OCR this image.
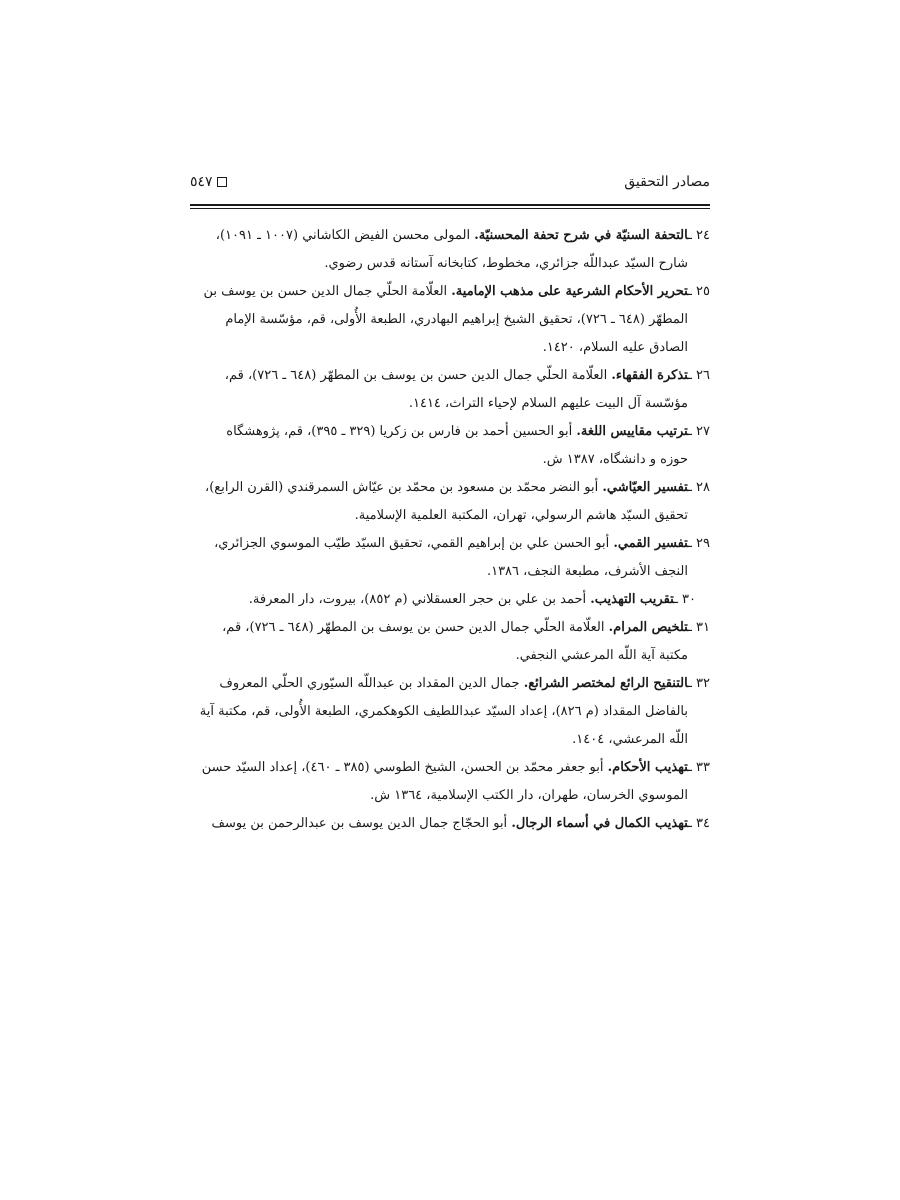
مصادر التحقيق
٥٤٧

٢٤ ـالتحفة السنيّة في شرح تحفة المحسنيّة. المولى محسن الفيض الكاشاني (١٠٠٧ ـ ١٠٩١)،
شارح السيّد عبداللّه جزائري، مخطوط، كتابخانه آستانه قدس رضوي.

٢٥ ـتحرير الأحكام الشرعية على مذهب الإمامية. العلّامة الحلّي جمال الدين حسن بن يوسف بن
المطهّر (٦٤٨ ـ ٧٢٦)، تحقيق الشيخ إبراهيم البهادري، الطبعة الأُولى، قم، مؤسّسة الإمام
الصادق عليه السلام، ١٤٢٠.

٢٦ ـتذكرة الفقهاء. العلّامة الحلّي جمال الدين حسن بن يوسف بن المطهّر (٦٤٨ ـ ٧٢٦)، قم،
مؤسّسة آل البيت عليهم السلام لإحياء التراث، ١٤١٤.

٢٧ ـترتيب مقاييس اللغة. أبو الحسين أحمد بن فارس بن زكريا (٣٢٩ ـ ٣٩٥)، قم، پژوهشگاه
حوزه و دانشگاه، ١٣٨٧ ش.

٢٨ ـتفسير العيّاشي. أبو النضر محمّد بن مسعود بن محمّد بن عيّاش السمرقندي (القرن الرابع)،
تحقيق السيّد هاشم الرسولي، تهران، المكتبة العلمية الإسلامية.

٢٩ ـتفسير القمي. أبو الحسن علي بن إبراهيم القمي، تحقيق السيّد طيّب الموسوي الجزائري،
النجف الأشرف، مطبعة النجف، ١٣٨٦.

٣٠ ـتقريب التهذيب. أحمد بن علي بن حجر العسقلاني (م ٨٥٢)، بيروت، دار المعرفة.

٣١ ـتلخيص المرام. العلّامة الحلّي جمال الدين حسن بن يوسف بن المطهّر (٦٤٨ ـ ٧٢٦)، قم،
مكتبة آية اللّه المرعشي النجفي.

٣٢ ـالتنقيح الرائع لمختصر الشرائع. جمال الدين المقداد بن عبداللّه السيّوري الحلّي المعروف
بالفاضل المقداد (م ٨٢٦)، إعداد السيّد عبداللطيف الكوهكمري، الطبعة الأُولى، قم، مكتبة آية
اللّه المرعشي، ١٤٠٤.

٣٣ ـتهذيب الأحكام. أبو جعفر محمّد بن الحسن، الشيخ الطوسي (٣٨٥ ـ ٤٦٠)، إعداد السيّد حسن
الموسوي الخرسان، طهران، دار الكتب الإسلامية، ١٣٦٤ ش.

٣٤ ـتهذيب الكمال في أسماء الرجال. أبو الحجّاج جمال الدين يوسف بن عبدالرحمن بن يوسف
